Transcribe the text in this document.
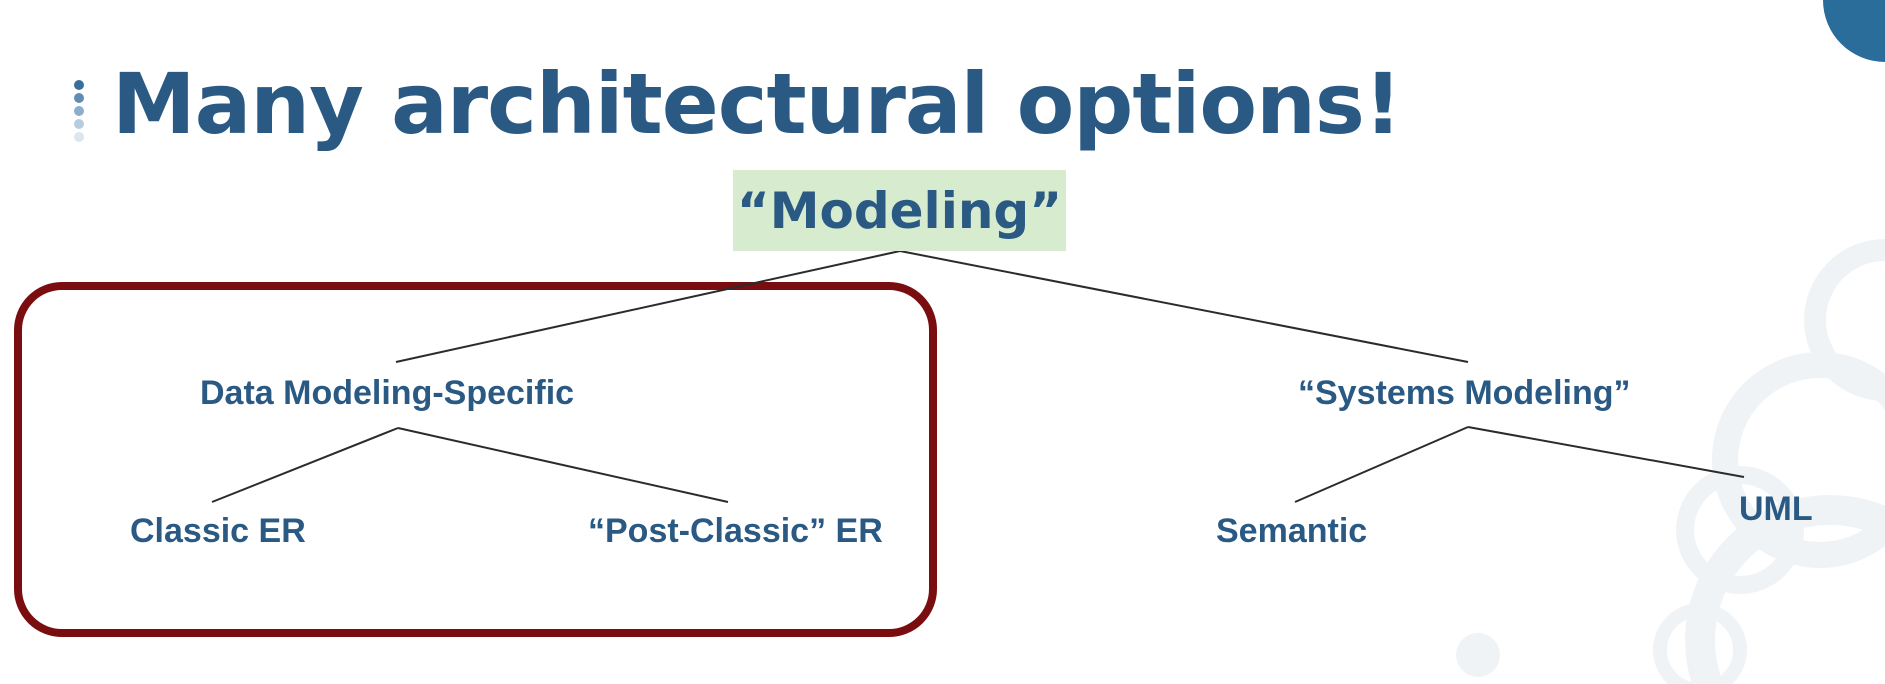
Many architectural options!
“Modeling”
Data Modeling-Specific	“Systems Modeling”
Classic ER	“Post-Classic” ER	Semantic
UML
